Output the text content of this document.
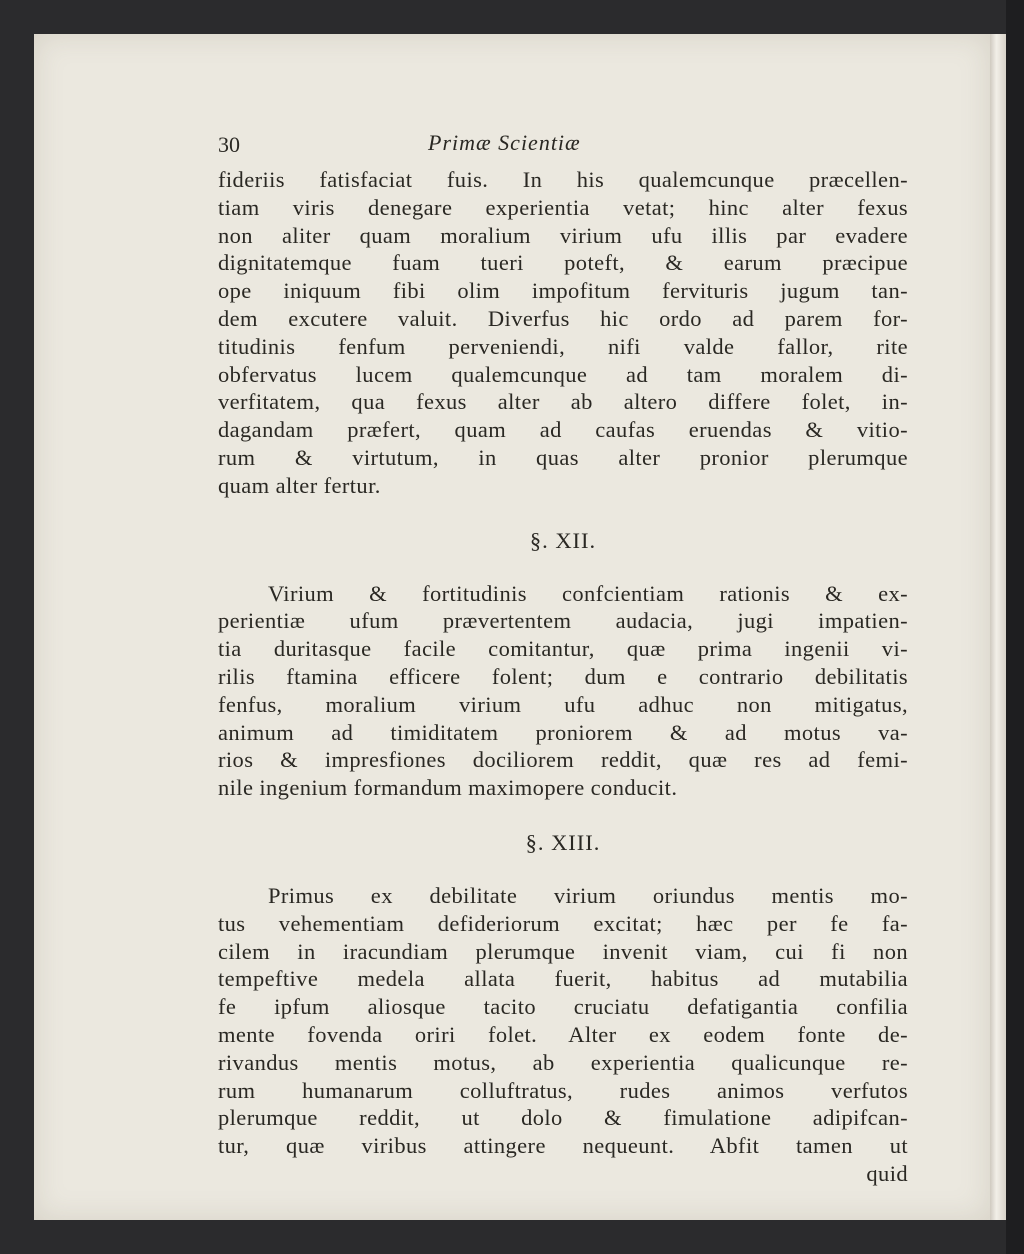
30	Primæ Scientiæ
fideriis fatisfaciat fuis. In his qualemcunque præcellen-
tiam viris denegare experientia vetat; hinc alter fexus
non aliter quam moralium virium ufu illis par evadere
dignitatemque fuam tueri poteft, & earum præcipue
ope iniquum fibi olim impofitum fervituris jugum tan-
dem excutere valuit. Diverfus hic ordo ad parem for-
titudinis fenfum perveniendi, nifi valde fallor, rite
obfervatus lucem qualemcunque ad tam moralem di-
verfitatem, qua fexus alter ab altero differe folet, in-
dagandam præfert, quam ad caufas eruendas & vitio-
rum & virtutum, in quas alter pronior plerumque
quam alter fertur.

§. XII.

Virium & fortitudinis confcientiam rationis & ex-
perientiæ ufum prævertentem audacia, jugi impatien-
tia duritasque facile comitantur, quæ prima ingenii vi-
rilis ftamina efficere folent; dum e contrario debilitatis
fenfus, moralium virium ufu adhuc non mitigatus,
animum ad timiditatem proniorem & ad motus va-
rios & impresfiones dociliorem reddit, quæ res ad femi-
nile ingenium formandum maximopere conducit.

§. XIII.

Primus ex debilitate virium oriundus mentis mo-
tus vehementiam defideriorum excitat; hæc per fe fa-
cilem in iracundiam plerumque invenit viam, cui fi non
tempeftive medela allata fuerit, habitus ad mutabilia
fe ipfum aliosque tacito cruciatu defatigantia confilia
mente fovenda oriri folet. Alter ex eodem fonte de-
rivandus mentis motus, ab experientia qualicunque re-
rum humanarum colluftratus, rudes animos verfutos
plerumque reddit, ut dolo & fimulatione adipifcan-
tur, quæ viribus attingere nequeunt. Abfit tamen ut
quid
